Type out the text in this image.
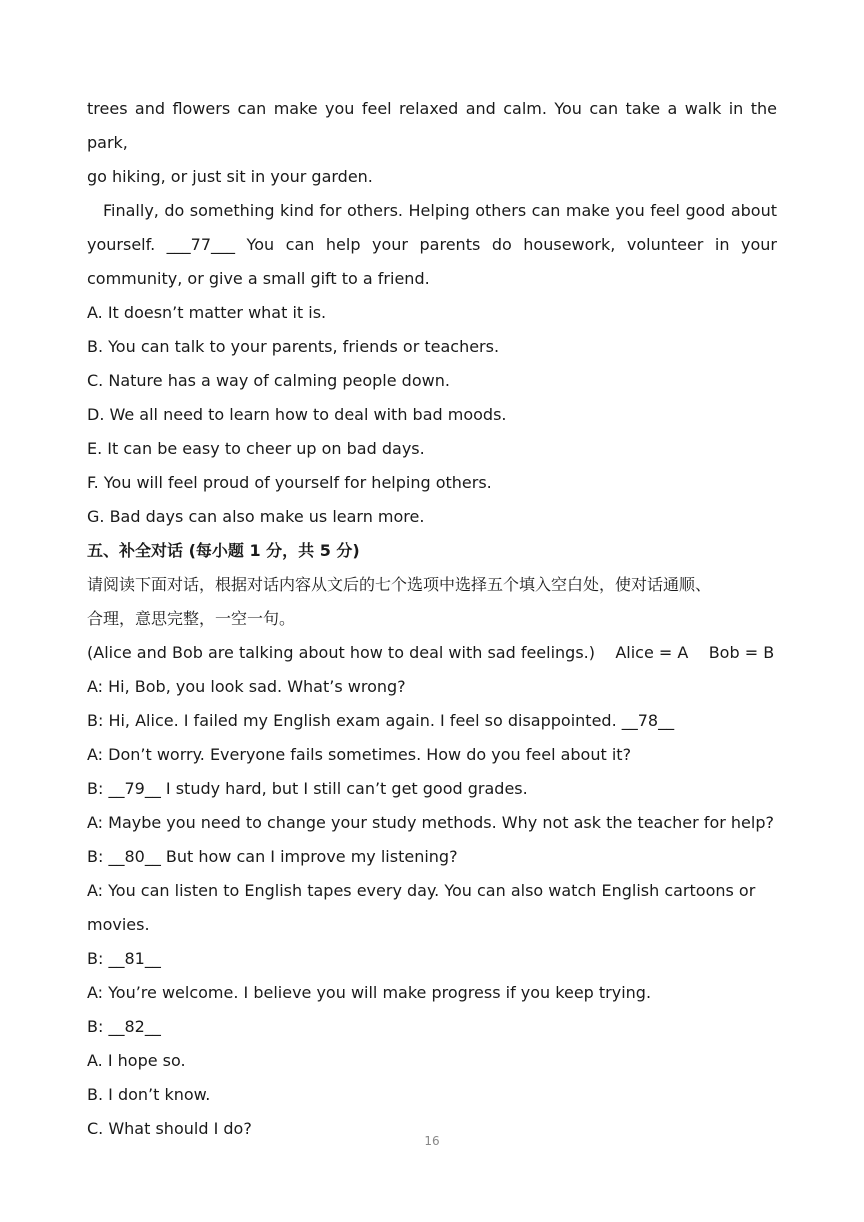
trees and flowers can make you feel relaxed and calm. You can take a walk in the park,
go hiking, or just sit in your garden.
Finally, do something kind for others. Helping others can make you feel good about
yourself. ___77___ You can help your parents do housework, volunteer in your
community, or give a small gift to a friend.
A. It doesn’t matter what it is.
B. You can talk to your parents, friends or teachers.
C. Nature has a way of calming people down.
D. We all need to learn how to deal with bad moods.
E. It can be easy to cheer up on bad days.
F. You will feel proud of yourself for helping others.
G. Bad days can also make us learn more.
五、补全对话 (每小题 1 分，共 5 分)
请阅读下面对话，根据对话内容从文后的七个选项中选择五个填入空白处，使对话通顺、
合理，意思完整，一空一句。
(Alice and Bob are talking about how to deal with sad feelings.)    Alice = A    Bob = B
A: Hi, Bob, you look sad. What’s wrong?
B: Hi, Alice. I failed my English exam again. I feel so disappointed. __78__
A: Don’t worry. Everyone fails sometimes. How do you feel about it?
B: __79__ I study hard, but I still can’t get good grades.
A: Maybe you need to change your study methods. Why not ask the teacher for help?
B: __80__ But how can I improve my listening?
A: You can listen to English tapes every day. You can also watch English cartoons or
movies.
B: __81__
A: You’re welcome. I believe you will make progress if you keep trying.
B: __82__
A. I hope so.
B. I don’t know.
C. What should I do?
16
